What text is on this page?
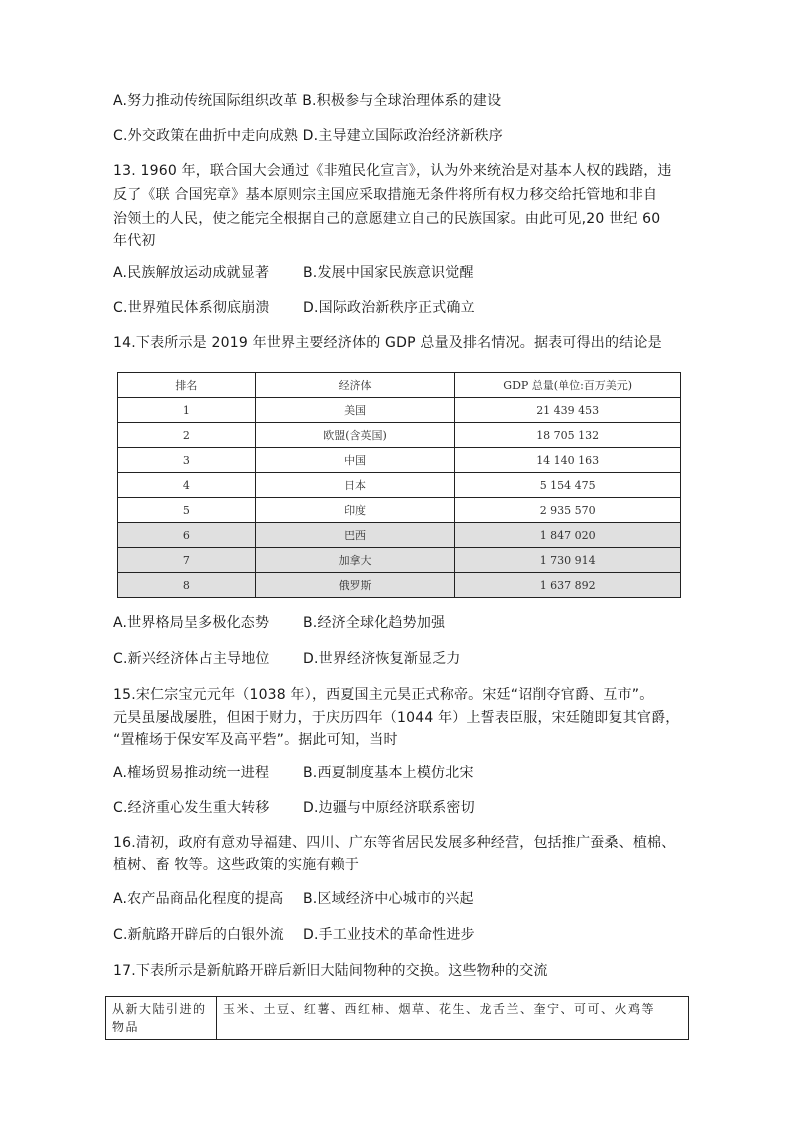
A.努力推动传统国际组织改革 B.积极参与全球治理体系的建设
C.外交政策在曲折中走向成熟 D.主导建立国际政治经济新秩序
13. 1960 年，联合国大会通过《非殖民化宣言》，认为外来统治是对基本人权的践踏，违
反了《联 合国宪章》基本原则宗主国应采取措施无条件将所有权力移交给托管地和非自
治领土的人民，使之能完全根据自己的意愿建立自己的民族国家。由此可见,20 世纪 60
年代初
A.民族解放运动成就显著 B.发展中国家民族意识觉醒
C.世界殖民体系彻底崩溃 D.国际政治新秩序正式确立
14.下表所示是 2019 年世界主要经济体的 GDP 总量及排名情况。据表可得出的结论是
排名	经济体	GDP 总量(单位:百万美元)
1	美国	21 439 453
2	欧盟(含英国)	18 705 132
3	中国	14 140 163
4	日本	5 154 475
5	印度	2 935 570
6	巴西	1 847 020
7	加拿大	1 730 914
8	俄罗斯	1 637 892
A.世界格局呈多极化态势 B.经济全球化趋势加强
C.新兴经济体占主导地位 D.世界经济恢复渐显乏力
15.宋仁宗宝元元年（1038 年），西夏国主元昊正式称帝。宋廷“诏削夺官爵、互市”。
元昊虽屡战屡胜，但困于财力，于庆历四年（1044 年）上誓表臣服，宋廷随即复其官爵，
“置榷场于保安军及高平砦”。据此可知，当时
A.榷场贸易推动统一进程 B.西夏制度基本上模仿北宋
C.经济重心发生重大转移 D.边疆与中原经济联系密切
16.清初，政府有意劝导福建、四川、广东等省居民发展多种经营，包括推广蚕桑、植棉、
植树、畜 牧等。这些政策的实施有赖于
A.农产品商品化程度的提高 B.区域经济中心城市的兴起
C.新航路开辟后的白银外流 D.手工业技术的革命性进步
17.下表所示是新航路开辟后新旧大陆间物种的交换。这些物种的交流
从新大陆引进的物品	玉米、土豆、红薯、西红柿、烟草、花生、龙舌兰、奎宁、可可、火鸡等
